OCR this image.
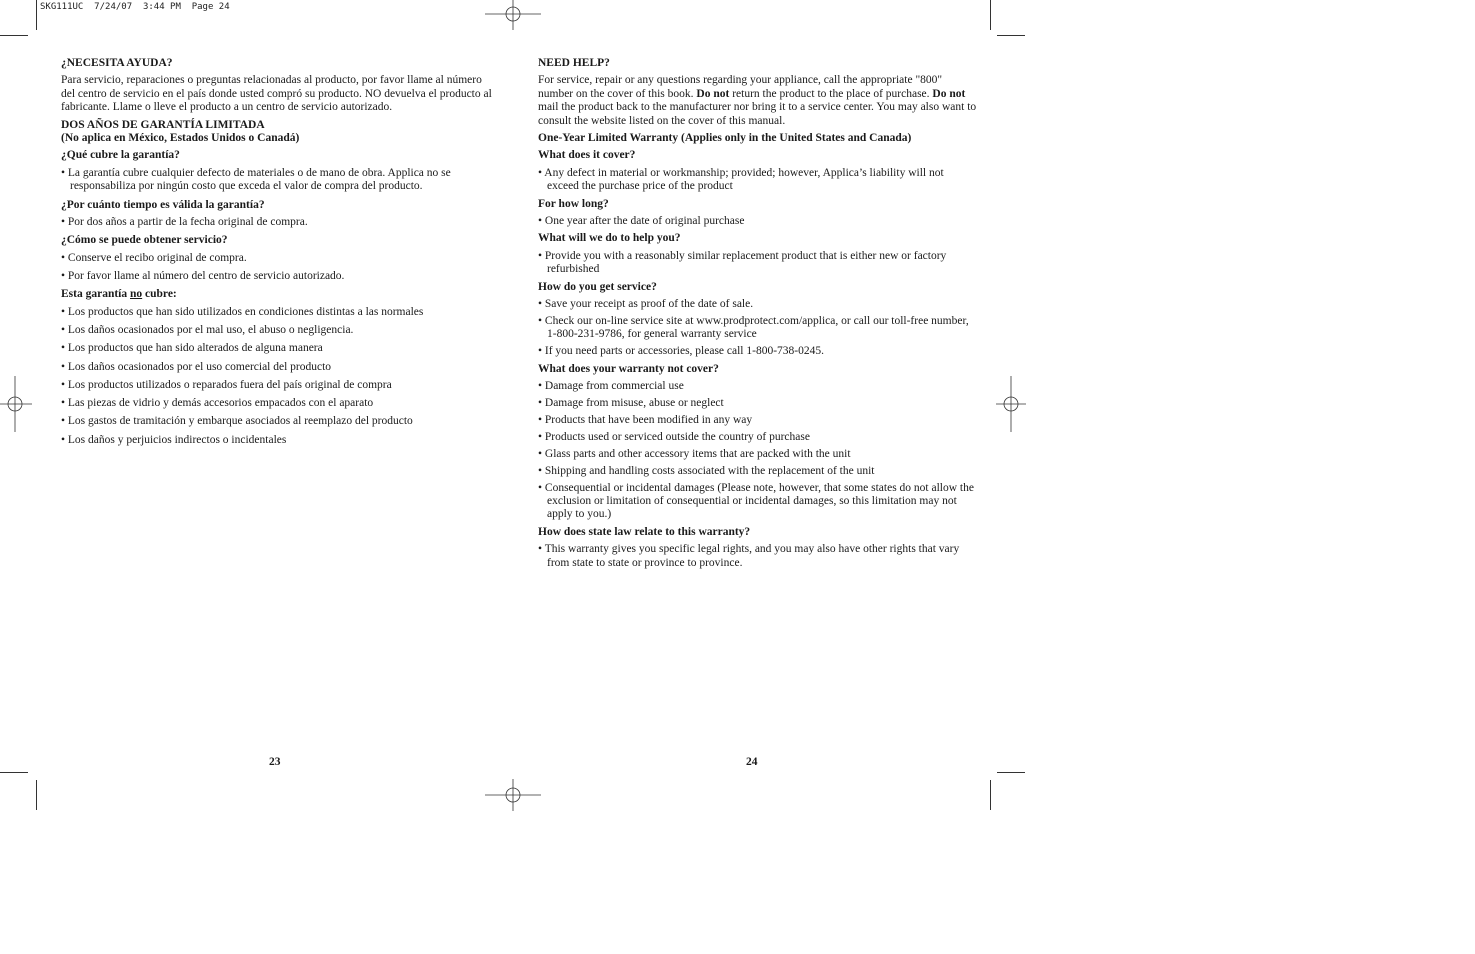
SKG111UC  7/24/07  3:44 PM  Page 24
¿NECESITA AYUDA?

Para servicio, reparaciones o preguntas relacionadas al producto, por favor llame al número del centro de servicio en el país donde usted compró su producto. NO devuelva el producto al fabricante. Llame o lleve el producto a un centro de servicio autorizado.

DOS AÑOS DE GARANTÍA LIMITADA
(No aplica en México, Estados Unidos o Canadá)
¿Qué cubre la garantía?
• La garantía cubre cualquier defecto de materiales o de mano de obra. Applica no se responsabiliza por ningún costo que exceda el valor de compra del producto.
¿Por cuánto tiempo es válida la garantía?
• Por dos años a partir de la fecha original de compra.
¿Cómo se puede obtener servicio?
• Conserve el recibo original de compra.
• Por favor llame al número del centro de servicio autorizado.
Esta garantía no cubre:
• Los productos que han sido utilizados en condiciones distintas a las normales
• Los daños ocasionados por el mal uso, el abuso o negligencia.
• Los productos que han sido alterados de alguna manera
• Los daños ocasionados por el uso comercial del producto
• Los productos utilizados o reparados fuera del país original de compra
• Las piezas de vidrio y demás accesorios empacados con el aparato
• Los gastos de tramitación y embarque asociados al reemplazo del producto
• Los daños y perjuicios indirectos o incidentales
NEED HELP?

For service, repair or any questions regarding your appliance, call the appropriate "800" number on the cover of this book. Do not return the product to the place of purchase. Do not mail the product back to the manufacturer nor bring it to a service center. You may also want to consult the website listed on the cover of this manual.

One-Year Limited Warranty (Applies only in the United States and Canada)
What does it cover?
• Any defect in material or workmanship; provided; however, Applica’s liability will not exceed the purchase price of the product
For how long?
• One year after the date of original purchase
What will we do to help you?
• Provide you with a reasonably similar replacement product that is either new or factory refurbished
How do you get service?
• Save your receipt as proof of the date of sale.
• Check our on-line service site at www.prodprotect.com/applica, or call our toll-free number, 1-800-231-9786, for general warranty service
• If you need parts or accessories, please call 1-800-738-0245.
What does your warranty not cover?
• Damage from commercial use
• Damage from misuse, abuse or neglect
• Products that have been modified in any way
• Products used or serviced outside the country of purchase
• Glass parts and other accessory items that are packed with the unit
• Shipping and handling costs associated with the replacement of the unit
• Consequential or incidental damages (Please note, however, that some states do not allow the exclusion or limitation of consequential or incidental damages, so this limitation may not apply to you.)
How does state law relate to this warranty?
• This warranty gives you specific legal rights, and you may also have other rights that vary from state to state or province to province.
23	24
